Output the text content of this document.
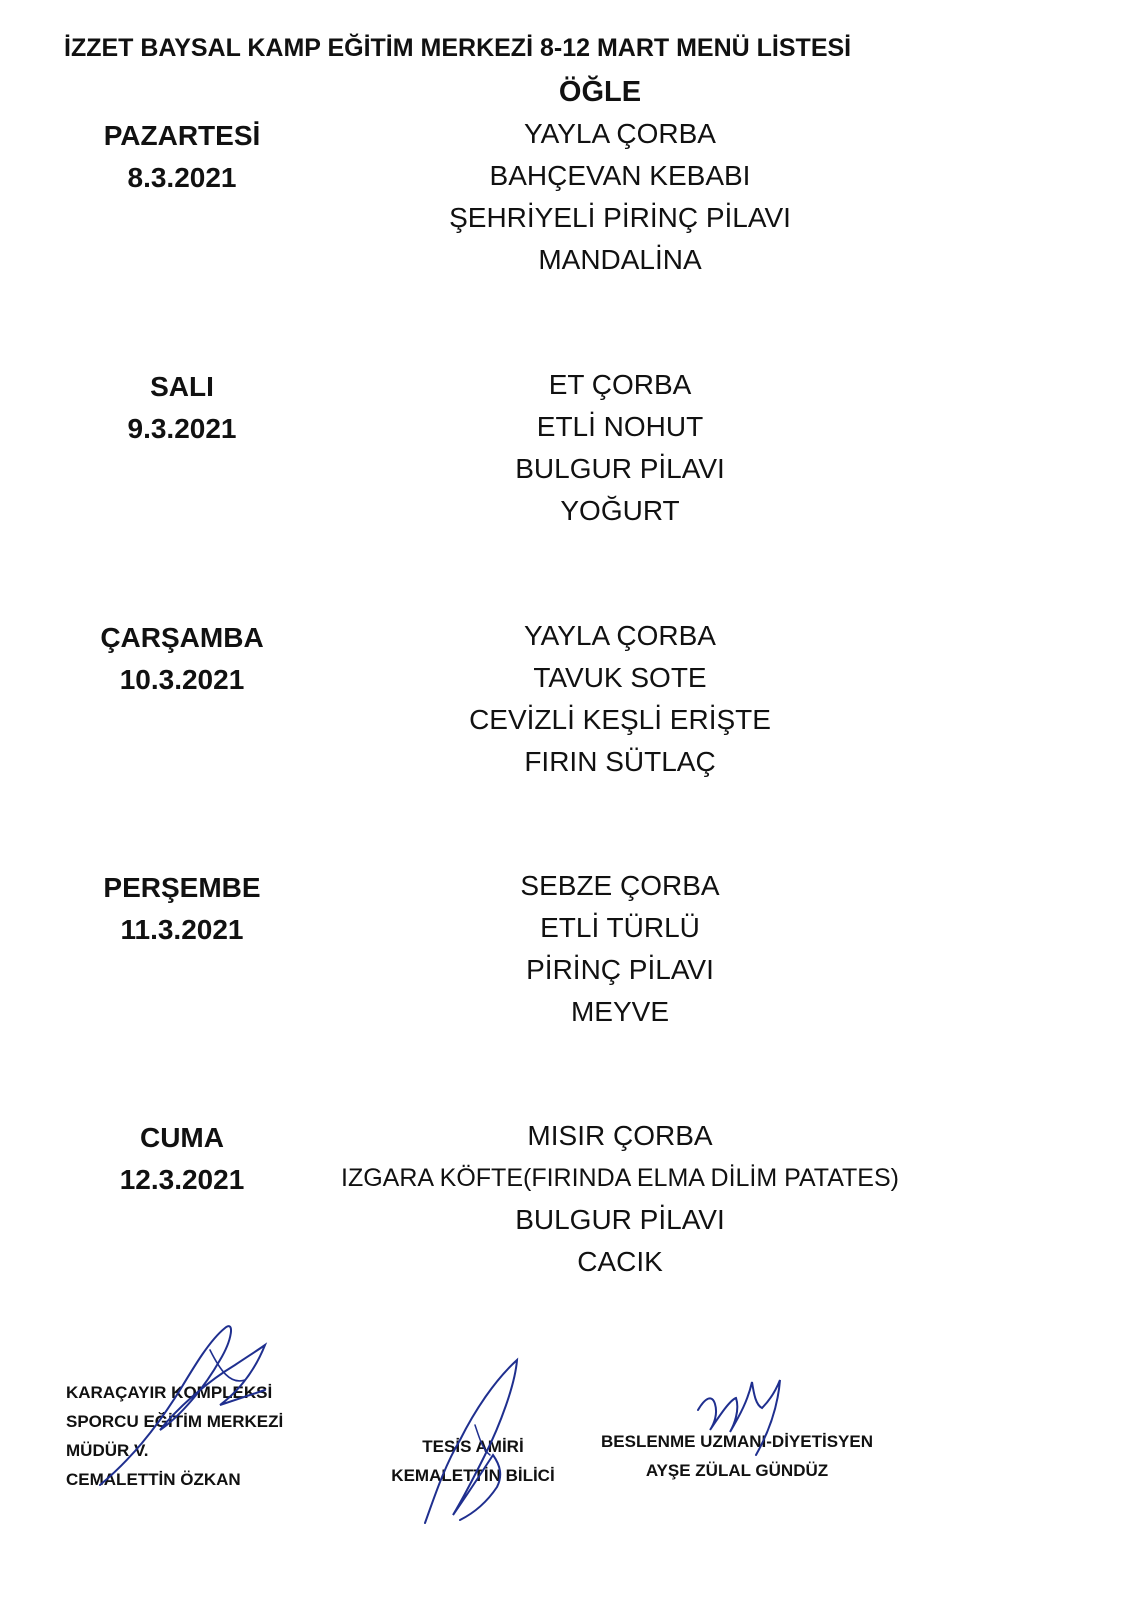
İZZET BAYSAL KAMP EĞİTİM MERKEZİ 8-12 MART MENÜ LİSTESİ
ÖĞLE
PAZARTESİ
8.3.2021
YAYLA ÇORBA
BAHÇEVAN KEBABI
ŞEHRİYELİ PİRİNÇ PİLAVI
MANDALİNA
SALI
9.3.2021
ET ÇORBA
ETLİ NOHUT
BULGUR PİLAVI
YOĞURT
ÇARŞAMBA
10.3.2021
YAYLA ÇORBA
TAVUK SOTE
CEVİZLİ KEŞLİ ERİŞTE
FIRIN SÜTLAÇ
PERŞEMBE
11.3.2021
SEBZE ÇORBA
ETLİ TÜRLÜ
PİRİNÇ PİLAVI
MEYVE
CUMA
12.3.2021
MISIR ÇORBA
IZGARA KÖFTE(FIRINDA ELMA DİLİM PATATES)
BULGUR PİLAVI
CACIK
KARAÇAYIR KOMPLEKSİ
SPORCU EĞİTİM MERKEZİ
MÜDÜR V.
CEMALETTİN ÖZKAN
TESİS AMİRİ
KEMALETTİN BİLİCİ
BESLENME UZMANI-DİYETİSYEN
AYŞE ZÜLAL GÜNDÜZ
